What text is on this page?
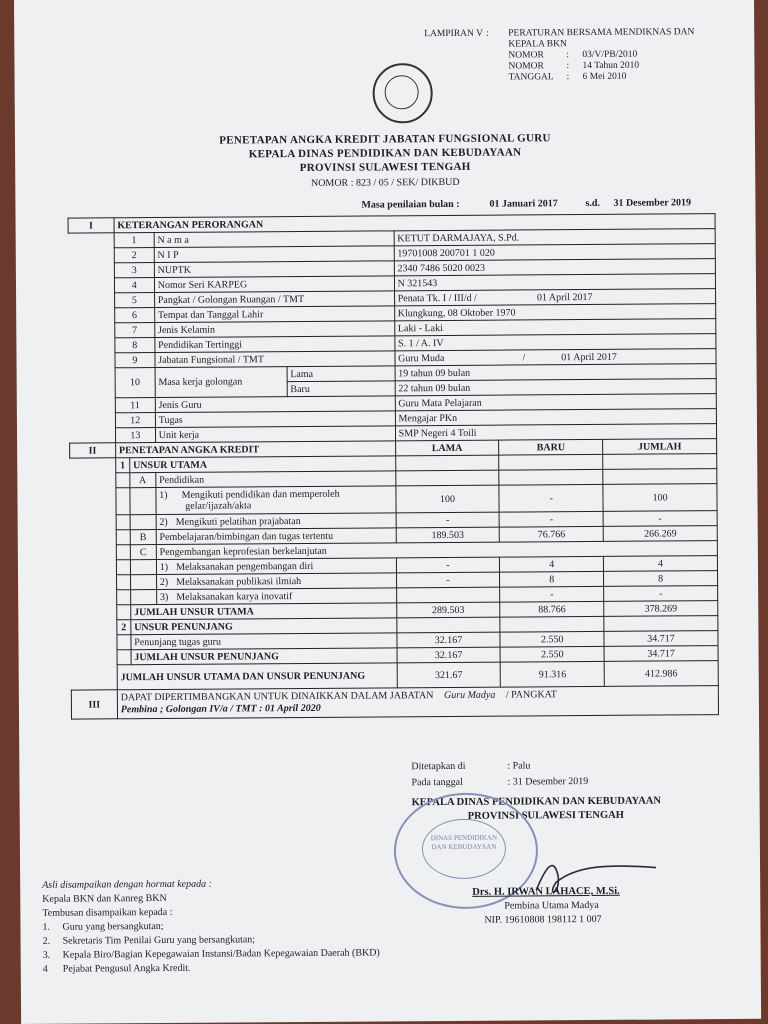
LAMPIRAN V : PERATURAN BERSAMA MENDIKNAS DAN
KEPALA BKN
NOMOR : 03/V/PB/2010
NOMOR : 14 Tahun 2010
TANGGAL : 6 Mei 2010
PENETAPAN ANGKA KREDIT JABATAN FUNGSIONAL GURU
KEPALA DINAS PENDIDIKAN DAN KEBUDAYAAN
PROVINSI SULAWESI TENGAH
NOMOR : 823 / 05 / SEK/ DIKBUD
Masa penilaian bulan :	01 Januari 2017	s.d. 31 Desember 2019
I	KETERANGAN PERORANGAN						
	1		N a m a		KETUT DARMAJAYA, S.Pd.		
	2		N I P		19701008 200701 1 020		
	3		NUPTK		2340 7486 5020 0023		
	4		Nomor Seri KARPEG		N 321543		
	5		Pangkat / Golongan Ruangan / TMT		Penata Tk. I / III/d / 01 April 2017		
	6		Tempat dan Tanggal Lahir		Klungkung, 08 Oktober 1970		
	7		Jenis Kelamin		Laki - Laki		
	8		Pendidikan Tertinggi		S. 1 / A. IV		
	9		Jabatan Fungsional / TMT		Guru Muda / 01 April 2017		
	10		Masa kerja golongan	Lama	19 tahun 09 bulan		
				Baru	22 tahun 09 bulan		
	11		Jenis Guru		Guru Mata Pelajaran		
	12		Tugas		Mengajar PKn		
	13		Unit kerja		SMP Negeri 4 Toili		
II	PENETAPAN ANGKA KREDIT				LAMA	BARU	JUMLAH
	1	UNSUR UTAMA					
		A	Pendidikan				
			1) Mengikuti pendidikan dan memperoleh
gelar/ijazah/akta		100	-	100
			2) Mengikuti pelatihan prajabatan		-	-	-
		B	Pembelajaran/bimbingan dan tugas tertentu		189.503	76.766	266.269
		C	Pengembangan keprofesian berkelanjutan				
			1) Melaksanakan pengembangan diri		-	4	4
			2) Melaksanakan publikasi ilmiah		-	8	8
			3) Melaksanakan karya inovatif			-	-
		JUMLAH UNSUR UTAMA			289.503	88.766	378.269
	2	UNSUR PENUNJANG					
		Penunjang tugas guru			32.167	2.550	34.717
		JUMLAH UNSUR PENUNJANG			32.167	2.550	34.717
	JUMLAH UNSUR UTAMA DAN UNSUR PENUNJANG				321.67	91.316	412.986
III	DAPAT DIPERTIMBANGKAN UNTUK DINAIKKAN DALAM JABATAN Guru Madya / PANGKAT
Pembina ; Golongan IV/a / TMT : 01 April 2020						
Ditetapkan di	: Palu
Pada tanggal	: 31 Desember 2019
KEPALA DINAS PENDIDIKAN DAN KEBUDAYAAN
PROVINSI SULAWESI TENGAH
DINAS PENDIDIKAN DAN KEBUDAYAAN
Drs. H. IRWAN LAHACE, M.Si.
Pembina Utama Madya
NIP. 19610808 198112 1 007
Asli disampaikan dengan hormat kepada :
Kepala BKN dan Kanreg BKN
Tembusan disampaikan kepada :
1. Guru yang bersangkutan;
2. Sekretaris Tim Penilai Guru yang bersangkutan;
3. Kepala Biro/Bagian Kepegawaian Instansi/Badan Kepegawaian Daerah (BKD)
4 Pejabat Pengusul Angka Kredit.
